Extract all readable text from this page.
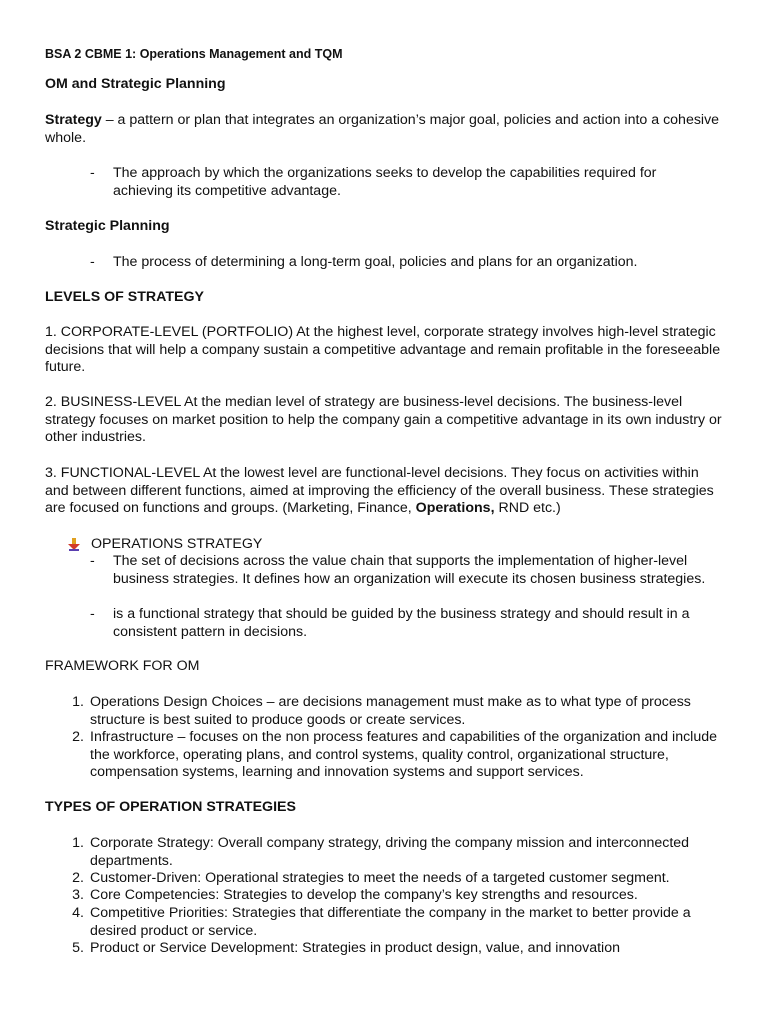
BSA 2 CBME 1: Operations Management and TQM

OM and Strategic Planning

Strategy – a pattern or plan that integrates an organization’s major goal, policies and action into a cohesive whole.

- The approach by which the organizations seeks to develop the capabilities required for achieving its competitive advantage.

Strategic Planning

- The process of determining a long-term goal, policies and plans for an organization.

LEVELS OF STRATEGY

1. CORPORATE-LEVEL (PORTFOLIO) At the highest level, corporate strategy involves high-level strategic decisions that will help a company sustain a competitive advantage and remain profitable in the foreseeable future.

2. BUSINESS-LEVEL At the median level of strategy are business-level decisions. The business-level strategy focuses on market position to help the company gain a competitive advantage in its own industry or other industries.

3. FUNCTIONAL-LEVEL At the lowest level are functional-level decisions. They focus on activities within and between different functions, aimed at improving the efficiency of the overall business. These strategies are focused on functions and groups. (Marketing, Finance, Operations, RND etc.)

OPERATIONS STRATEGY

- The set of decisions across the value chain that supports the implementation of higher-level business strategies. It defines how an organization will execute its chosen business strategies.
- is a functional strategy that should be guided by the business strategy and should result in a consistent pattern in decisions.

FRAMEWORK FOR OM

1. Operations Design Choices – are decisions management must make as to what type of process structure is best suited to produce goods or create services.
2. Infrastructure – focuses on the non process features and capabilities of the organization and include the workforce, operating plans, and control systems, quality control, organizational structure, compensation systems, learning and innovation systems and support services.

TYPES OF OPERATION STRATEGIES

1. Corporate Strategy: Overall company strategy, driving the company mission and interconnected departments.
2. Customer-Driven: Operational strategies to meet the needs of a targeted customer segment.
3. Core Competencies: Strategies to develop the company’s key strengths and resources.
4. Competitive Priorities: Strategies that differentiate the company in the market to better provide a desired product or service.
5. Product or Service Development: Strategies in product design, value, and innovation
